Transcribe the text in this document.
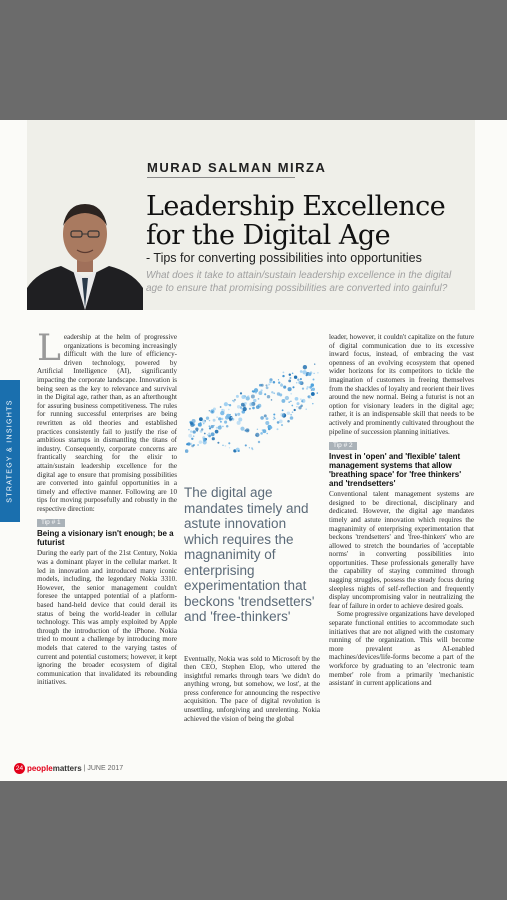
MURAD SALMAN MIRZA
Leadership Excellence for the Digital Age
- Tips for converting possibilities into opportunities
What does it take to attain/sustain leadership excellence in the digital age to ensure that promising possibilities are converted into gainful?
STRATEGY & INSIGHTS

Leadership at the helm of progressive organizations is becoming increasingly difficult with the lure of efficiency-driven technology, powered by Artificial Intelligence (AI), significantly impacting the corporate landscape. Innovation is being seen as the key to relevance and survival in the Digital age, rather than, as an afterthought for assuring business competitiveness. The rules for running successful enterprises are being rewritten as old theories and established practices consistently fail to justify the rise of ambitious startups in dismantling the titans of industry. Consequently, corporate concerns are frantically searching for the elixir to attain/sustain leadership excellence for the digital age to ensure that promising possibilities are converted into gainful opportunities in a timely and effective manner. Following are 10 tips for moving purposefully and robustly in the respective direction:

Tip # 1
Being a visionary isn't enough; be a futurist

During the early part of the 21st Century, Nokia was a dominant player in the cellular market. It led in innovation and introduced many iconic models, including, the legendary Nokia 3310. However, the senior management couldn't foresee the untapped potential of a platform-based hand-held device that could derail its status of being the world-leader in cellular technology. This was amply exploited by Apple through the introduction of the iPhone. Nokia tried to mount a challenge by introducing more models that catered to the varying tastes of current and potential customers; however, it kept ignoring the broader ecosystem of digital communication that invalidated its rebounding initiatives.

The digital age mandates timely and astute innovation which requires the magnanimity of enterprising experimentation that beckons 'trendsetters' and 'free-thinkers'

Eventually, Nokia was sold to Microsoft by the then CEO, Stephen Elop, who uttered the insightful remarks through tears 'we didn't do anything wrong, but somehow, we lost', at the press conference for announcing the respective acquisition. The pace of digital revolution is unsettling, unforgiving and unrelenting. Nokia achieved the vision of being the global

leader, however, it couldn't capitalize on the future of digital communication due to its excessive inward focus, instead, of embracing the vast openness of an evolving ecosystem that opened wider horizons for its competitors to tickle the imagination of customers in freeing themselves from the shackles of loyalty and reorient their lives around the new normal. Being a futurist is not an option for visionary leaders in the digital age; rather, it is an indispensable skill that needs to be actively and prominently cultivated throughout the pipeline of succession planning initiatives.

Tip # 2
Invest in 'open' and 'flexible' talent management systems that allow 'breathing space' for 'free thinkers' and 'trendsetters'

Conventional talent management systems are designed to be directional, disciplinary and dedicated. However, the digital age mandates timely and astute innovation which requires the magnanimity of enterprising experimentation that beckons 'trendsetters' and 'free-thinkers' who are allowed to stretch the boundaries of 'acceptable norms' in converting possibilities into opportunities. These professionals generally have the capability of staying committed through nagging struggles, possess the steady focus during sleepless nights of self-reflection and frequently display uncompromising valor in neutralizing the fear of failure in order to achieve desired goals.

Some progressive organizations have developed separate functional entities to accommodate such initiatives that are not aligned with the customary running of the organization. This will become more prevalent as AI-enabled machines/devices/life-forms become a part of the workforce by graduating to an 'electronic team member' role from a primarily 'mechanistic assistant' in current applications and

24 peoplematters | JUNE 2017
